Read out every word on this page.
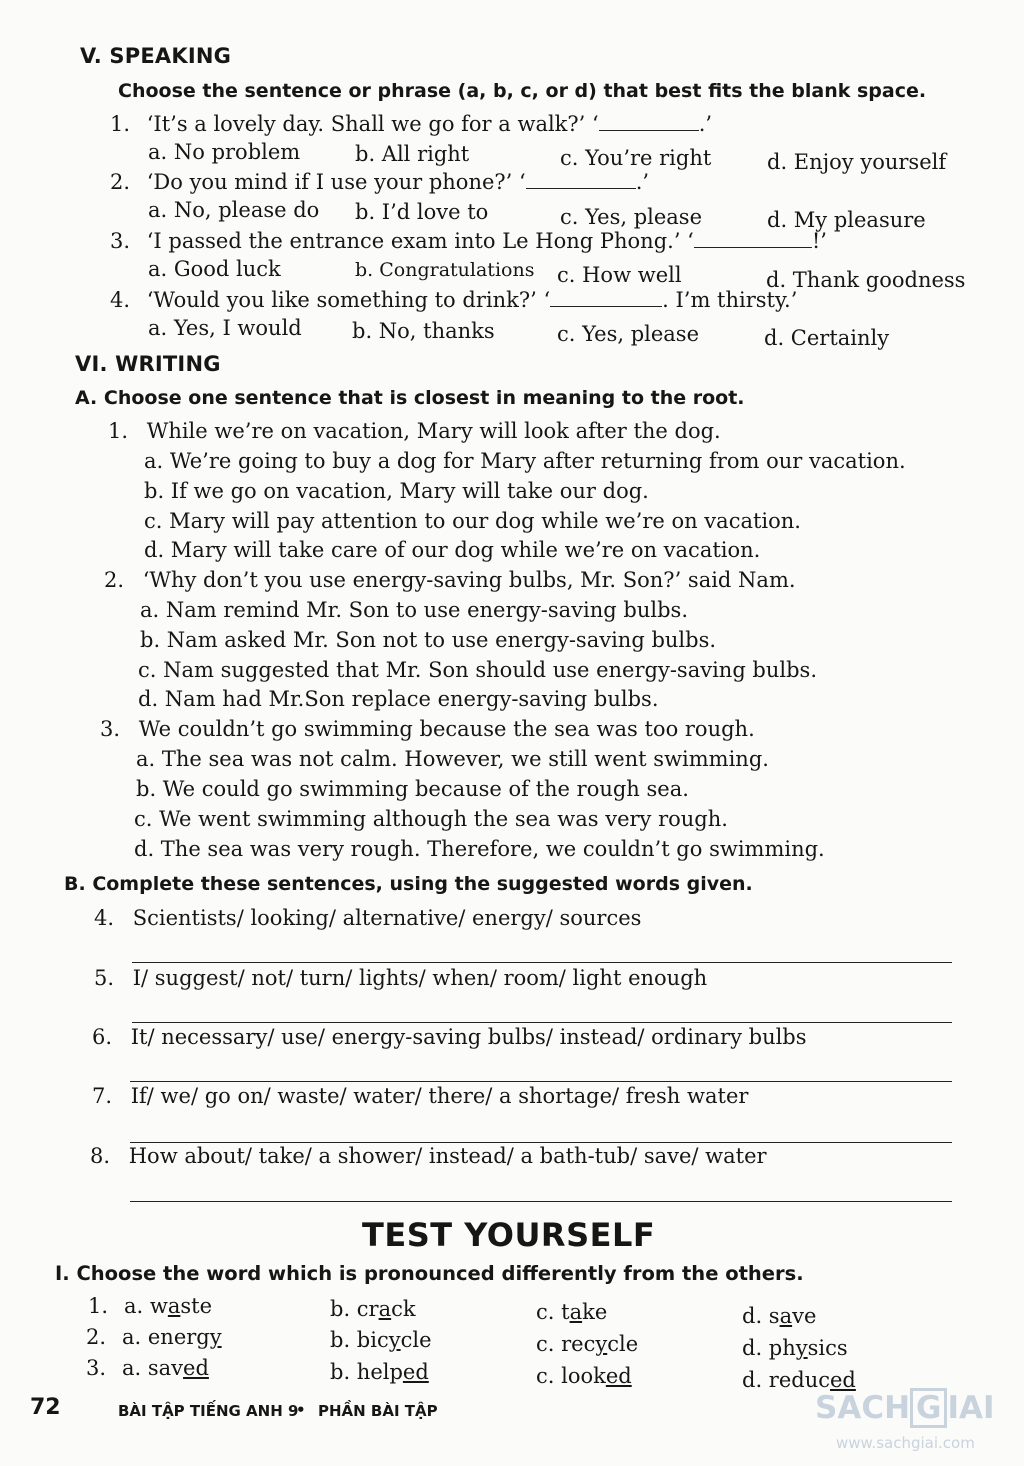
V. SPEAKING
Choose the sentence or phrase (a, b, c, or d) that best fits the blank space.
1. ‘It’s a lovely day. Shall we go for a walk?’ ‘	.’
a. No problem	b. All right	c. You’re right	d. Enjoy yourself
2. ‘Do you mind if I use your phone?’ ‘	.’
a. No, please do b. I’d love to	c. Yes, please	d. My pleasure
3. ‘I passed the entrance exam into Le Hong Phong.’ ‘	!’
a. Good luck	b. Congratulations c. How well	d. Thank goodness
4. ‘Would you like something to drink?’ ‘	. I’m thirsty.’
a. Yes, I would b. No, thanks	c. Yes, please	d. Certainly
VI. WRITING
A. Choose one sentence that is closest in meaning to the root.
1. While we’re on vacation, Mary will look after the dog.
a. We’re going to buy a dog for Mary after returning from our vacation.
b. If we go on vacation, Mary will take our dog.
c. Mary will pay attention to our dog while we’re on vacation.
d. Mary will take care of our dog while we’re on vacation.
2. ‘Why don’t you use energy-saving bulbs, Mr. Son?’ said Nam.
a. Nam remind Mr. Son to use energy-saving bulbs.
b. Nam asked Mr. Son not to use energy-saving bulbs.
c. Nam suggested that Mr. Son should use energy-saving bulbs.
d. Nam had Mr.Son replace energy-saving bulbs.
3. We couldn’t go swimming because the sea was too rough.
a. The sea was not calm. However, we still went swimming.
b. We could go swimming because of the rough sea.
c. We went swimming although the sea was very rough.
d. The sea was very rough. Therefore, we couldn’t go swimming.
B. Complete these sentences, using the suggested words given.
4. Scientists/ looking/ alternative/ energy/ sources
5. I/ suggest/ not/ turn/ lights/ when/ room/ light enough
6. It/ necessary/ use/ energy-saving bulbs/ instead/ ordinary bulbs
7. If/ we/ go on/ waste/ water/ there/ a shortage/ fresh water
8. How about/ take/ a shower/ instead/ a bath-tub/ save/ water
TEST YOURSELF
I. Choose the word which is pronounced differently from the others.
1. a. waste	b. crack	c. take	d. save
2. a. energy	b. bicycle	c. recycle	d. physics
3. a. saved	b. helped	c. looked	d. reduced
72	BÀI TẬP TIẾNG ANH 9
• PHẦN BÀI TẬP	SACH G IAI
www.sachgiai.com
